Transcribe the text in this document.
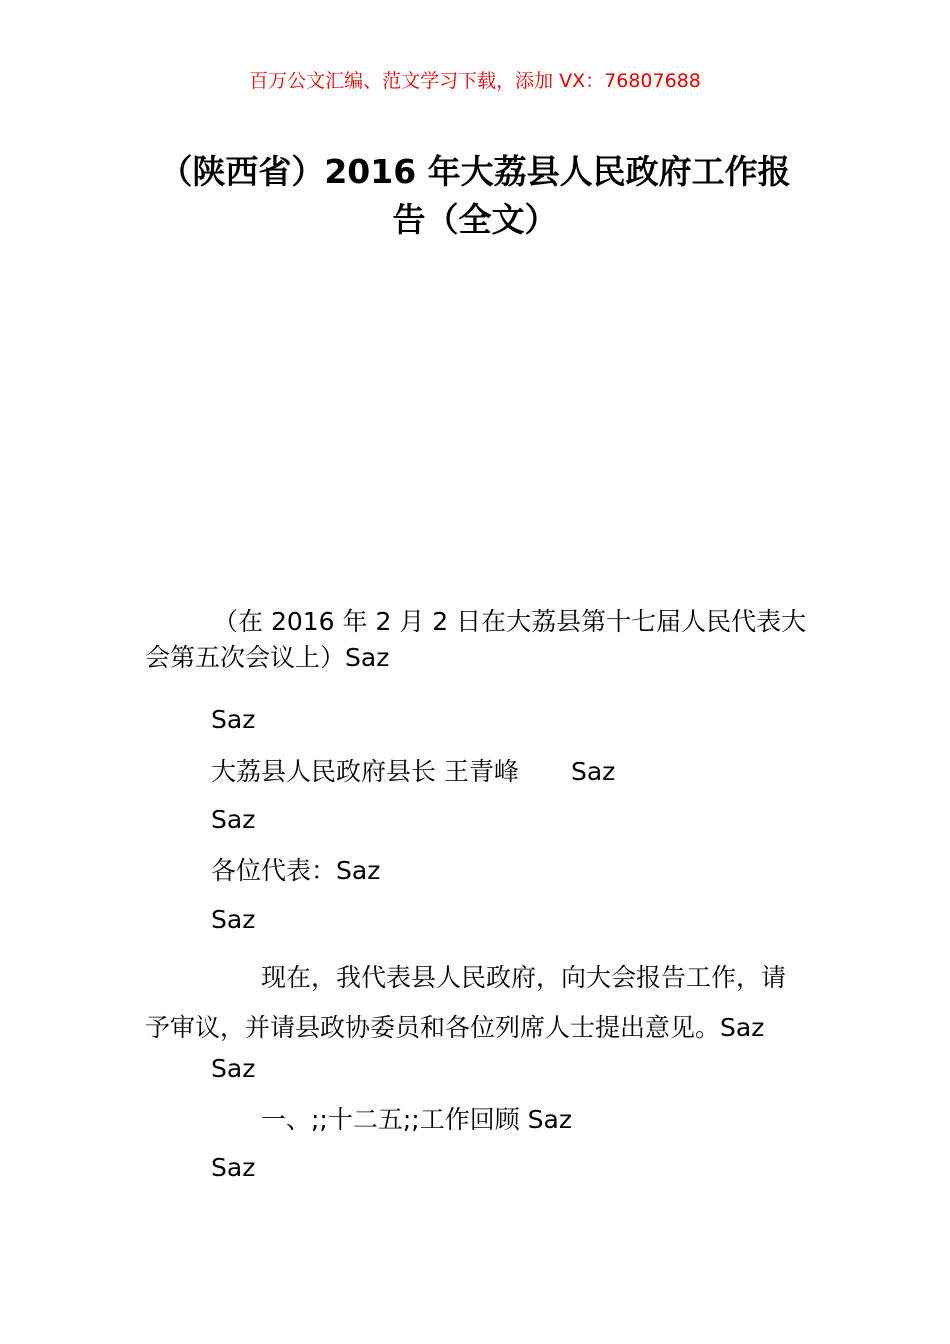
百万公文汇编、范文学习下载，添加 VX：76807688
（陕西省）2016 年大荔县人民政府工作报告（全文）

（在 2016 年 2 月 2 日在大荔县第十七届人民代表大会第五次会议上）Saz

Saz

大荔县人民政府县长 王青峰 Saz

Saz

各位代表：Saz

Saz

现在，我代表县人民政府，向大会报告工作，请予审议，并请县政协委员和各位列席人士提出意见。Saz

Saz

一、;;十二五;;工作回顾 Saz

Saz
